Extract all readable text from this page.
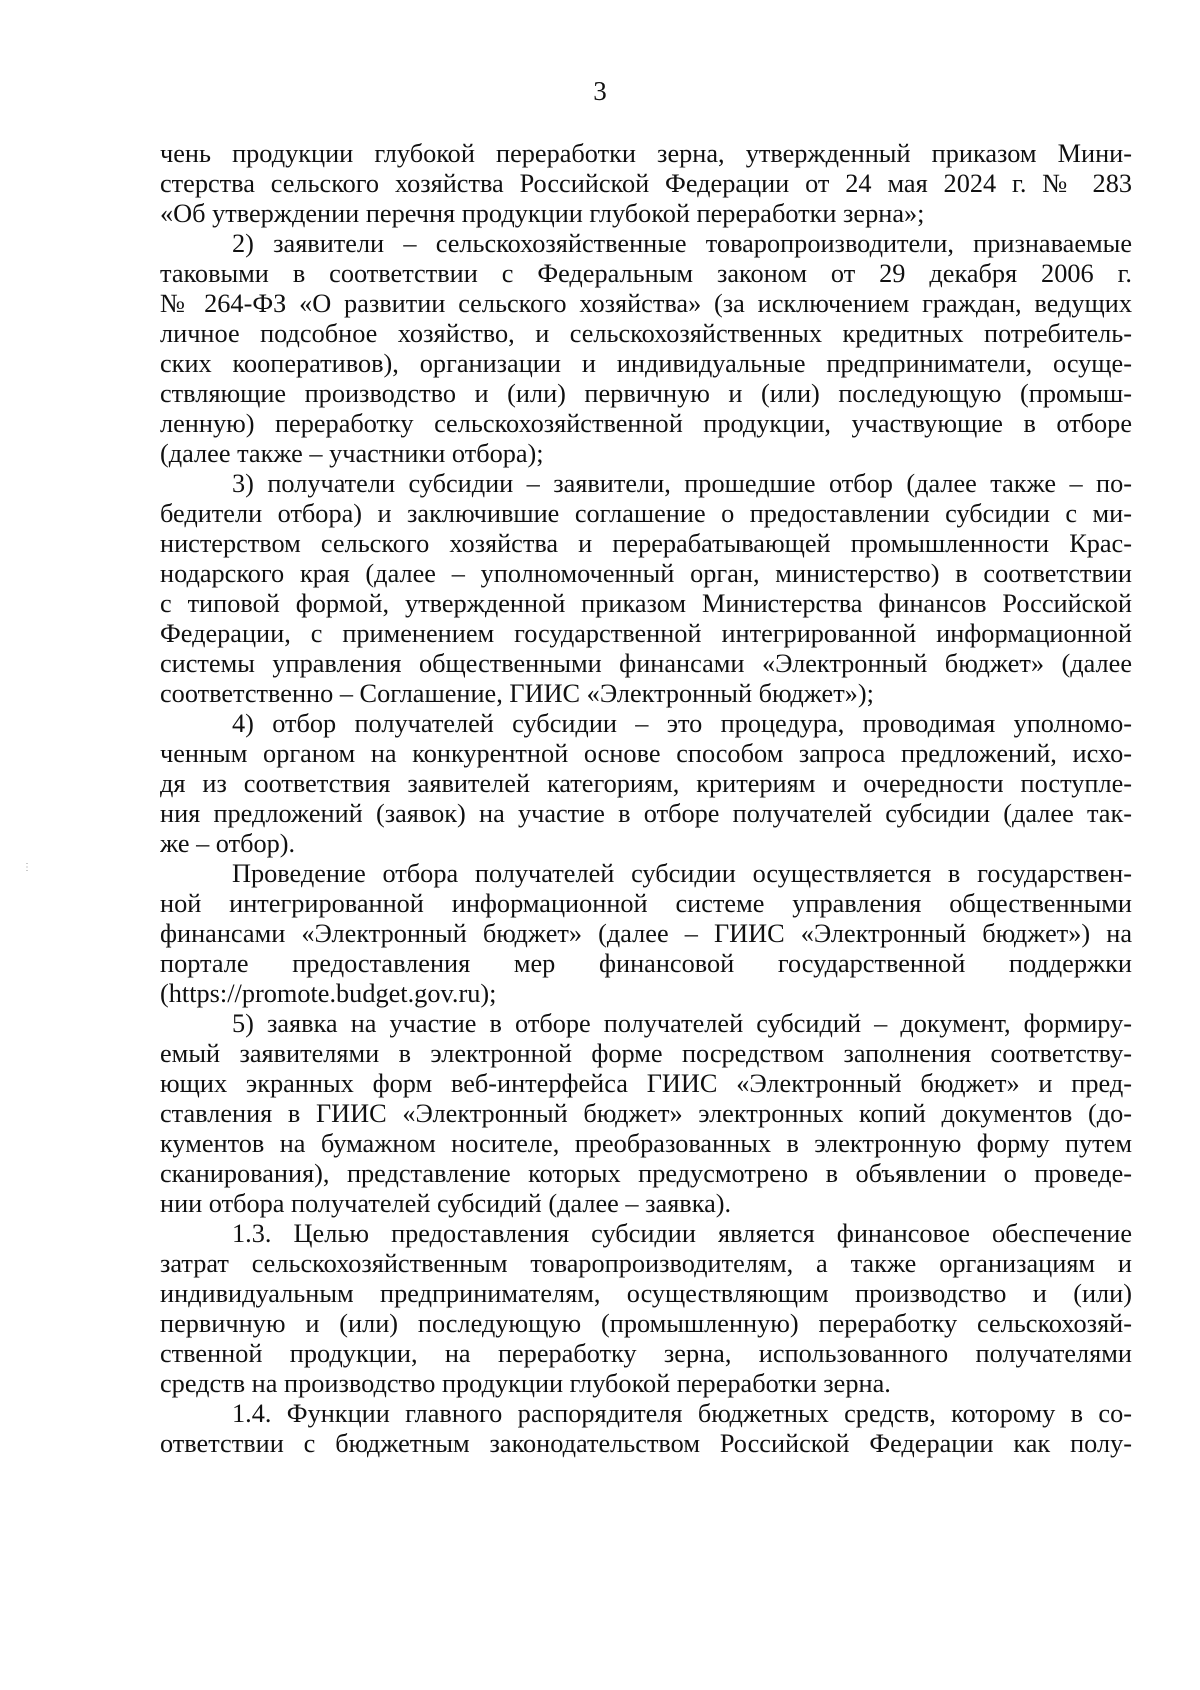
3
чень продукции глубокой переработки зерна, утвержденный приказом Мини-
стерства сельского хозяйства Российской Федерации от 24 мая 2024 г. № 283
«Об утверждении перечня продукции глубокой переработки зерна»;
2) заявители – сельскохозяйственные товаропроизводители, признаваемые
таковыми в соответствии с Федеральным законом от 29 декабря 2006 г.
№ 264-ФЗ «О развитии сельского хозяйства» (за исключением граждан, ведущих
личное подсобное хозяйство, и сельскохозяйственных кредитных потребитель-
ских кооперативов), организации и индивидуальные предприниматели, осуще-
ствляющие производство и (или) первичную и (или) последующую (промыш-
ленную) переработку сельскохозяйственной продукции, участвующие в отборе
(далее также – участники отбора);
3) получатели субсидии – заявители, прошедшие отбор (далее также – по-
бедители отбора) и заключившие соглашение о предоставлении субсидии с ми-
нистерством сельского хозяйства и перерабатывающей промышленности Крас-
нодарского края (далее – уполномоченный орган, министерство) в соответствии
с типовой формой, утвержденной приказом Министерства финансов Российской
Федерации, с применением государственной интегрированной информационной
системы управления общественными финансами «Электронный бюджет» (далее
соответственно – Соглашение, ГИИС «Электронный бюджет»);
4) отбор получателей субсидии – это процедура, проводимая уполномо-
ченным органом на конкурентной основе способом запроса предложений, исхо-
дя из соответствия заявителей категориям, критериям и очередности поступле-
ния предложений (заявок) на участие в отборе получателей субсидии (далее так-
же – отбор).
Проведение отбора получателей субсидии осуществляется в государствен-
ной интегрированной информационной системе управления общественными
финансами «Электронный бюджет» (далее – ГИИС «Электронный бюджет») на
портале предоставления мер финансовой государственной поддержки
(https://promote.budget.gov.ru);
5) заявка на участие в отборе получателей субсидий – документ, формиру-
емый заявителями в электронной форме посредством заполнения соответству-
ющих экранных форм веб-интерфейса ГИИС «Электронный бюджет» и пред-
ставления в ГИИС «Электронный бюджет» электронных копий документов (до-
кументов на бумажном носителе, преобразованных в электронную форму путем
сканирования), представление которых предусмотрено в объявлении о проведе-
нии отбора получателей субсидий (далее – заявка).
1.3. Целью предоставления субсидии является финансовое обеспечение
затрат сельскохозяйственным товаропроизводителям, а также организациям и
индивидуальным предпринимателям, осуществляющим производство и (или)
первичную и (или) последующую (промышленную) переработку сельскохозяй-
ственной продукции, на переработку зерна, использованного получателями
средств на производство продукции глубокой переработки зерна.
1.4. Функции главного распорядителя бюджетных средств, которому в со-
ответствии с бюджетным законодательством Российской Федерации как полу-
⋮
